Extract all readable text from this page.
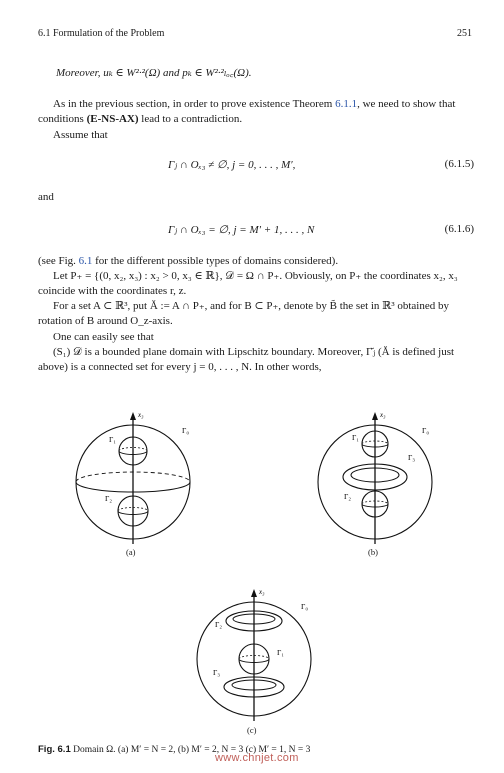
6.1 Formulation of the Problem	251
Moreover, uₖ ∈ W²·²(Ω) and pₖ ∈ W²·²ₗₒ꜀(Ω).
As in the previous section, in order to prove existence Theorem 6.1.1, we need to show that conditions (E-NS-AX) lead to a contradiction.
Assume that
Γⱼ ∩ Oₓ₃ ≠ ∅, j = 0, . . . , M′,	(6.1.5)
and
Γⱼ ∩ Oₓ₃ = ∅, j = M′ + 1, . . . , N	(6.1.6)
(see Fig. 6.1 for the different possible types of domains considered).
Let P₊ = {(0, x₂, x₃) : x₂ > 0, x₃ ∈ ℝ}, 𝒟 = Ω ∩ P₊. Obviously, on P₊ the coordinates x₂, x₃ coincide with the coordinates r, z.
For a set A ⊂ ℝ³, put Ă := A ∩ P₊, and for B ⊂ P₊, denote by B̃ the set in ℝ³ obtained by rotation of B around O_z-axis.
One can easily see that
(S₁) 𝒟 is a bounded plane domain with Lipschitz boundary. Moreover, Γ̆ⱼ (Ă is defined just above) is a connected set for every j = 0, . . . , N. In other words,
x₃
Γ₀
Γ₁
Γ₂
(a)
x₃
Γ₀
Γ₁
Γ₃
Γ₂
(b)
x₃
Γ₀
Γ₂
Γ₁
Γ₃
(c)
Fig. 6.1 Domain Ω. (a) M′ = N = 2, (b) M′ = 2, N = 3 (c) M′ = 1, N = 3
www.chnjet.com
